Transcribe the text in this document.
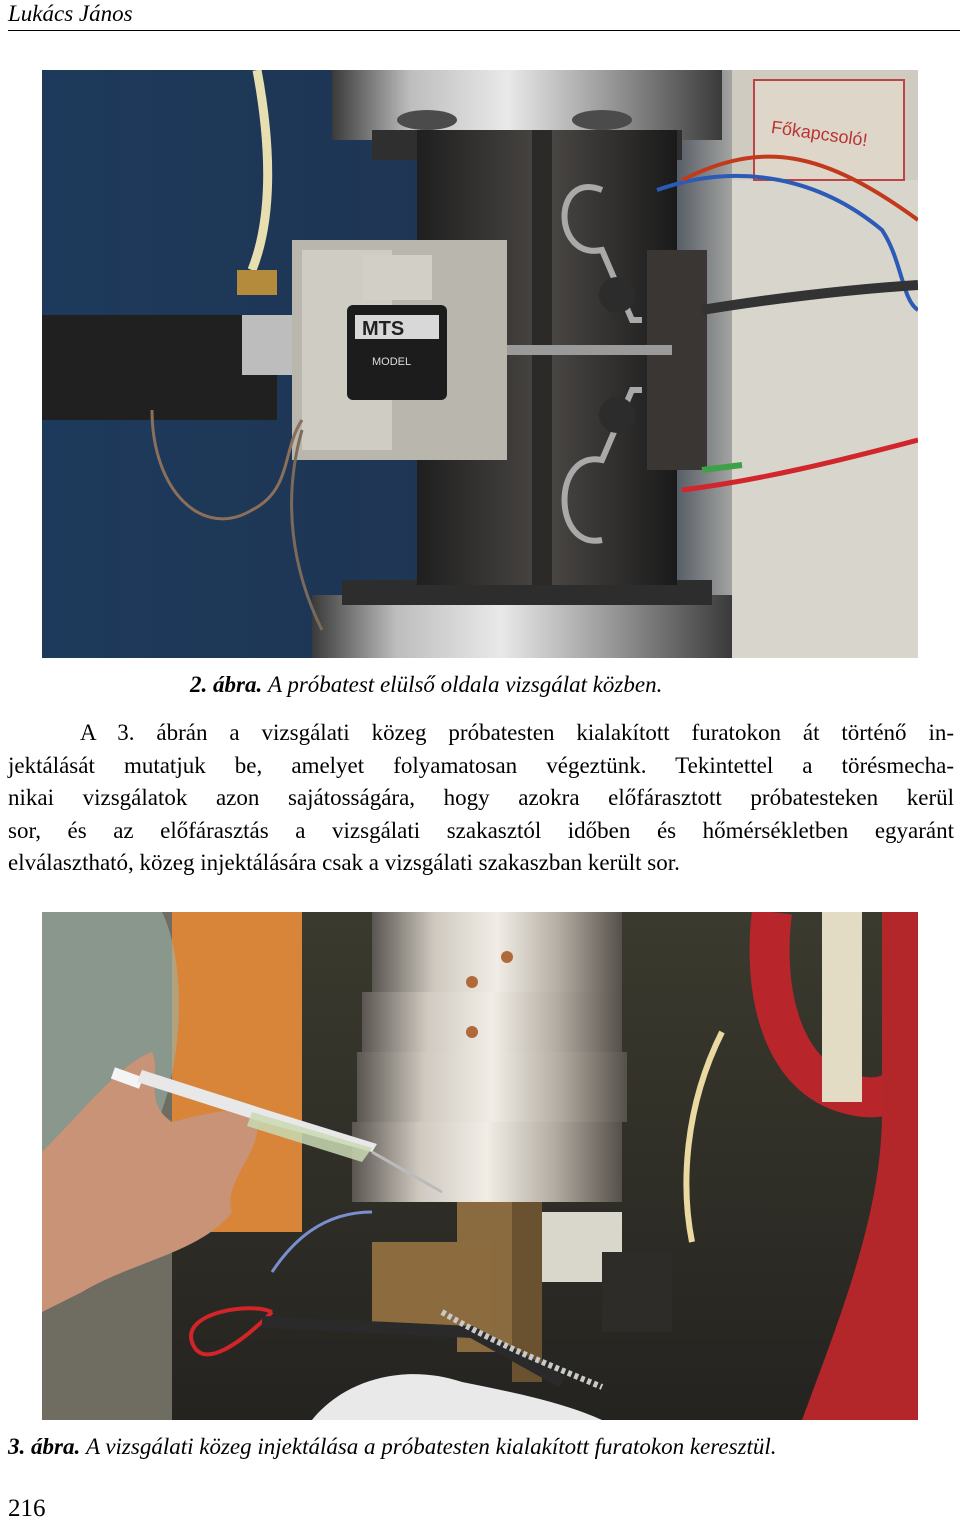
Lukács János
Főkapcsoló!
MTS
MODEL
2. ábra. A próbatest elülső oldala vizsgálat közben.
A 3. ábrán a vizsgálati közeg próbatesten kialakított furatokon át történő in-
jektálását mutatjuk be, amelyet folyamatosan végeztünk. Tekintettel a törésmecha-
nikai vizsgálatok azon sajátosságára, hogy azokra előfárasztott próbatesteken kerül
sor, és az előfárasztás a vizsgálati szakasztól időben és hőmérsékletben egyaránt
elválasztható, közeg injektálására csak a vizsgálati szakaszban került sor.
3. ábra. A vizsgálati közeg injektálása a próbatesten kialakított furatokon keresztül.
216
